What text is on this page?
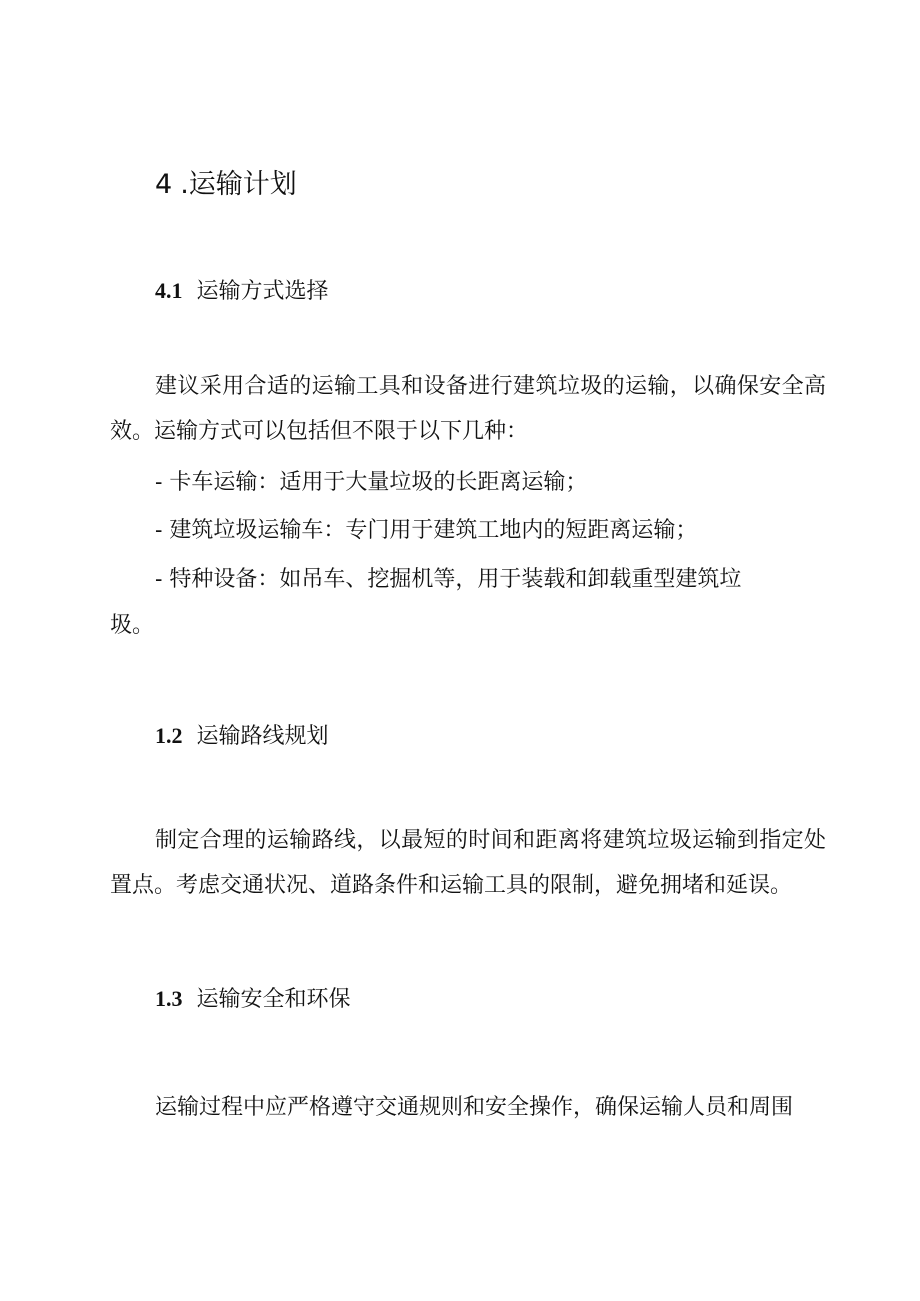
4 .运输计划
4.1 运输方式选择

建议采用合适的运输工具和设备进行建筑垃圾的运输，以确保安全高效。运输方式可以包括但不限于以下几种：

- 卡车运输：适用于大量垃圾的长距离运输；
- 建筑垃圾运输车：专门用于建筑工地内的短距离运输；
- 特种设备：如吊车、挖掘机等，用于装载和卸载重型建筑垃
圾。
1.2 运输路线规划

制定合理的运输路线，以最短的时间和距离将建筑垃圾运输到指定处置点。考虑交通状况、道路条件和运输工具的限制，避免拥堵和延误。

1.3 运输安全和环保

运输过程中应严格遵守交通规则和安全操作，确保运输人员和周围
